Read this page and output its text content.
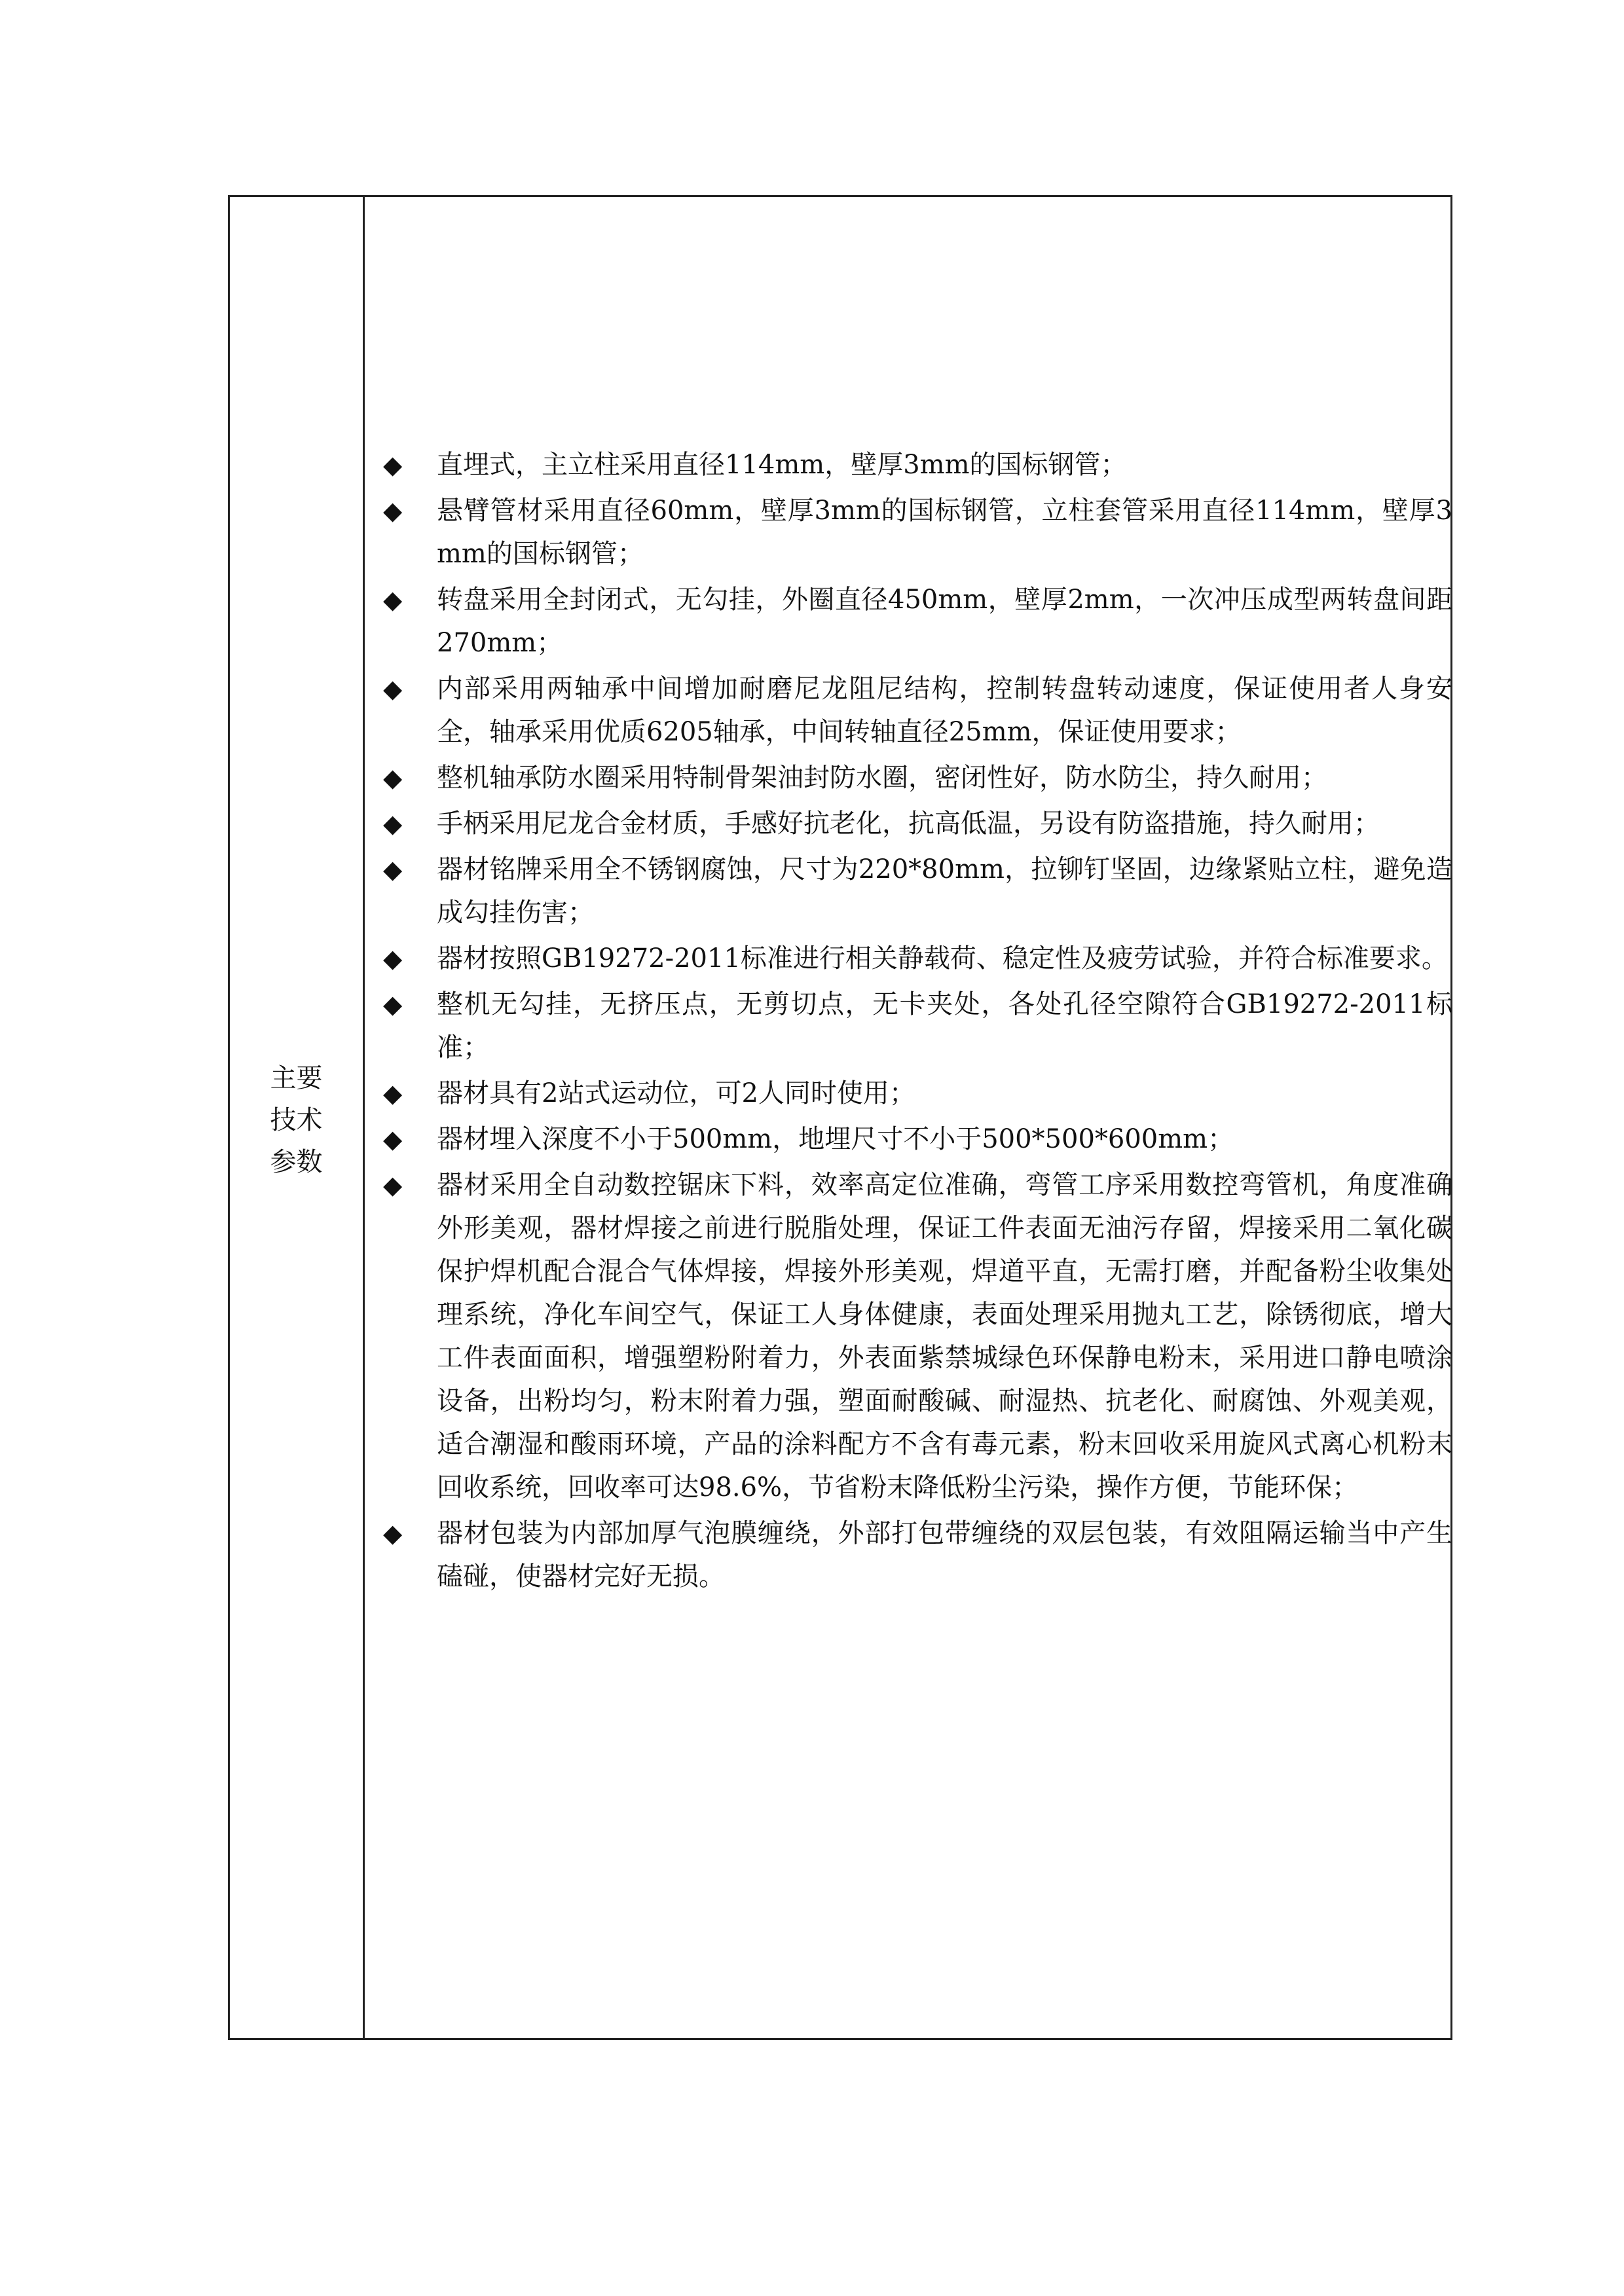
主要技术参数
◆	直埋式，主立柱采用直径114mm，壁厚3mm的国标钢管；
◆	悬臂管材采用直径60mm，壁厚3mm的国标钢管，立柱套管采用直径114mm，壁厚3mm的国标钢管；
◆	转盘采用全封闭式，无勾挂，外圈直径450mm，壁厚2mm，一次冲压成型两转盘间距270mm；
◆	内部采用两轴承中间增加耐磨尼龙阻尼结构，控制转盘转动速度，保证使用者人身安全，轴承采用优质6205轴承，中间转轴直径25mm，保证使用要求；
◆	整机轴承防水圈采用特制骨架油封防水圈，密闭性好，防水防尘，持久耐用；
◆	手柄采用尼龙合金材质，手感好抗老化，抗高低温，另设有防盗措施，持久耐用；
◆	器材铭牌采用全不锈钢腐蚀，尺寸为220*80mm，拉铆钉坚固，边缘紧贴立柱，避免造成勾挂伤害；
◆	器材按照GB19272-2011标准进行相关静载荷、稳定性及疲劳试验，并符合标准要求。
◆	整机无勾挂，无挤压点，无剪切点，无卡夹处，各处孔径空隙符合GB19272-2011标准；
◆	器材具有2站式运动位，可2人同时使用；
◆	器材埋入深度不小于500mm，地埋尺寸不小于500*500*600mm；
◆	器材采用全自动数控锯床下料，效率高定位准确，弯管工序采用数控弯管机，角度准确外形美观，器材焊接之前进行脱脂处理，保证工件表面无油污存留，焊接采用二氧化碳保护焊机配合混合气体焊接，焊接外形美观，焊道平直，无需打磨，并配备粉尘收集处理系统，净化车间空气，保证工人身体健康，表面处理采用抛丸工艺，除锈彻底，增大工件表面面积，增强塑粉附着力，外表面紫禁城绿色环保静电粉末，采用进口静电喷涂设备，出粉均匀，粉末附着力强，塑面耐酸碱、耐湿热、抗老化、耐腐蚀、外观美观，适合潮湿和酸雨环境，产品的涂料配方不含有毒元素，粉末回收采用旋风式离心机粉末回收系统，回收率可达98.6%，节省粉末降低粉尘污染，操作方便，节能环保；
◆	器材包装为内部加厚气泡膜缠绕，外部打包带缠绕的双层包装，有效阻隔运输当中产生磕碰，使器材完好无损。
